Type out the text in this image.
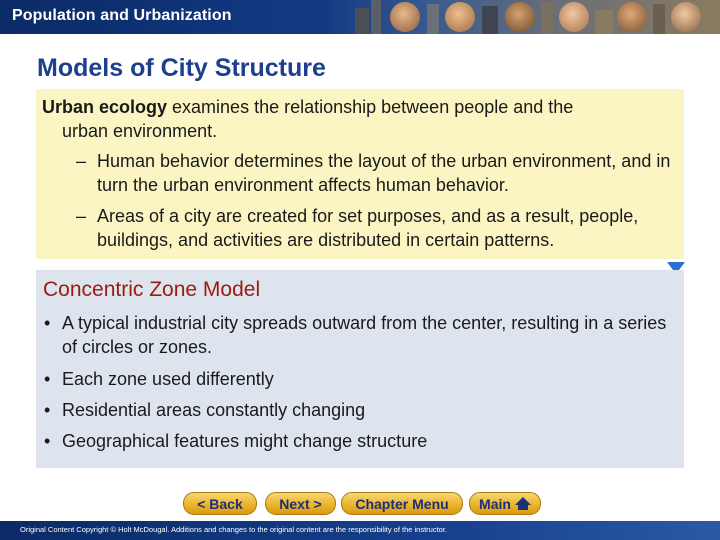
Population and Urbanization
Models of City Structure
Urban ecology examines the relationship between people and the
urban environment.
– Human behavior determines the layout of the urban environment, and in turn the urban environment affects human behavior.
– Areas of a city are created for set purposes, and as a result, people, buildings, and activities are distributed in certain patterns.
Concentric Zone Model
• A typical industrial city spreads outward from the center, resulting in a series of circles or zones.
• Each zone used differently
• Residential areas constantly changing
• Geographical features might change structure
< Back	Next > Chapter Menu Main
Original Content Copyright © Holt McDougal. Additions and changes to the original content are the responsibility of the instructor.
